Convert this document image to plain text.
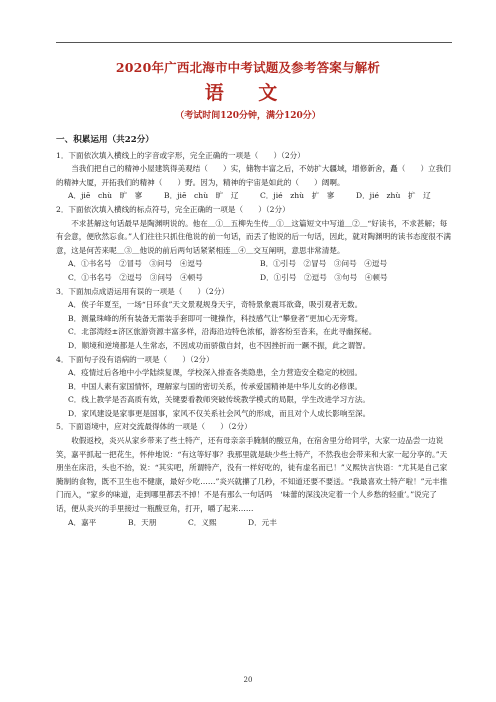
2020年广西北海市中考试题及参考答案与解析
语 文
（考试时间120分钟，满分120分）
一、积累运用（共22分）
1．下面依次填入横线上的字音或字形，完全正确的一项是（　　）（2分）
当我们把自己的精神小屋建筑得美观结（　　）实，储物丰富之后，不妨扩大疆域，增修新舍，矗（　　）立我们的精神大厦，开拓我们的精神（　　）野。因为，精神的宇宙是如此的（　　）阔啊。
A．jiē　chù　旷　寥	B．jiē　chù　旷　辽	C．jié　zhù　扩　寥	D．jié　zhù　扩　辽
2．下面依次填入横线的标点符号，完全正确的一项是（　　）（2分）
不求甚解这句话最早是陶渊明说的。他在＿①＿五柳先生传＿①＿这篇短文中写道＿②＿“好读书，不求甚解；每有会意，便欣然忘食。”人们往往只抓住他说的前一句话，而丢了他说的后一句话，因此，就对陶渊明的读书态度很不满意，这是何苦来呢＿③＿他说的前后两句话紧紧相连＿④＿交互阐明，意思非常清楚。
A．①书名号　②冒号　③问号　④逗号	B．①引号　②冒号　③问号　④逗号
C．①书名号　②逗号　③问号　④顿号	D．①引号　②逗号　③句号　④顿号
3．下面加点成语运用有误的一项是（　　）（2分）
A．俟子年夏至，一场“日环食”天文景观规身天宇，奇特景象震耳欲聋，吸引观者无数。
B．测量珠峰的所有装备无需装手套即可一键操作，科技感气让“攀登者”更加心无旁骛。
C．北部湾经±济区旅游资源丰富多样，沿海沿边特色浓郁，游客纷至沓来，在此寻幽探秘。
D．顺境和逆境都是人生常态，不因成功而骄傲自封，也不因挫折而一蹶不振，此之谓智。
4．下面句子没有语病的一项是（　　）（2分）
A．疫情过后各地中小学陆续复课，学校深入排查各类隐患，全力营造安全稳定的校园。
B．中国人素有家国情怀，理解家与国的密切关系，传承爱国精神是中华儿女的必修课。
C．线上教学是否高质有效，关键要看教师突破传统教学模式的局限，学生改进学习方法。
D．家风建设是家事更是国事，家风不仅关系社会风气的形成，而且对个人成长影响至深。
5．下面语境中，应对交流最得体的一项是（　　）（2分）
收假返校，炎兴从家乡带来了些土特产，还有母亲亲手腌制的酸豆角，在宿舍里分给同学，大家一边品尝一边说笑，嘉平抓起一把花生，怀仲地说：“有这等好事？我那里就是缺少些土特产，不然我也会带来和大家一起分享的。”天朋坐在床沿，头也不抬，说：“其实吧，所谓特产，没有一样好吃的，徒有虚名而已！”义熙快言快语：“尤其是自己家腌制的食物，既不卫生也不健康，最好少吃……”炎兴就攥了几秒，不知道还要不要送。“我最喜欢土特产啦！”元丰推门而入，“家乡的味道，走到哪里都丢不掉！不是有那么一句话吗　‘味蕾的深浅决定着一个人乡愁的轻重’。”说完了话，便从炎兴的手里接过一瓶酸豆角，打开，嚼了起来……
A．嘉平	B．天朋	C．义熙	D．元丰
20
